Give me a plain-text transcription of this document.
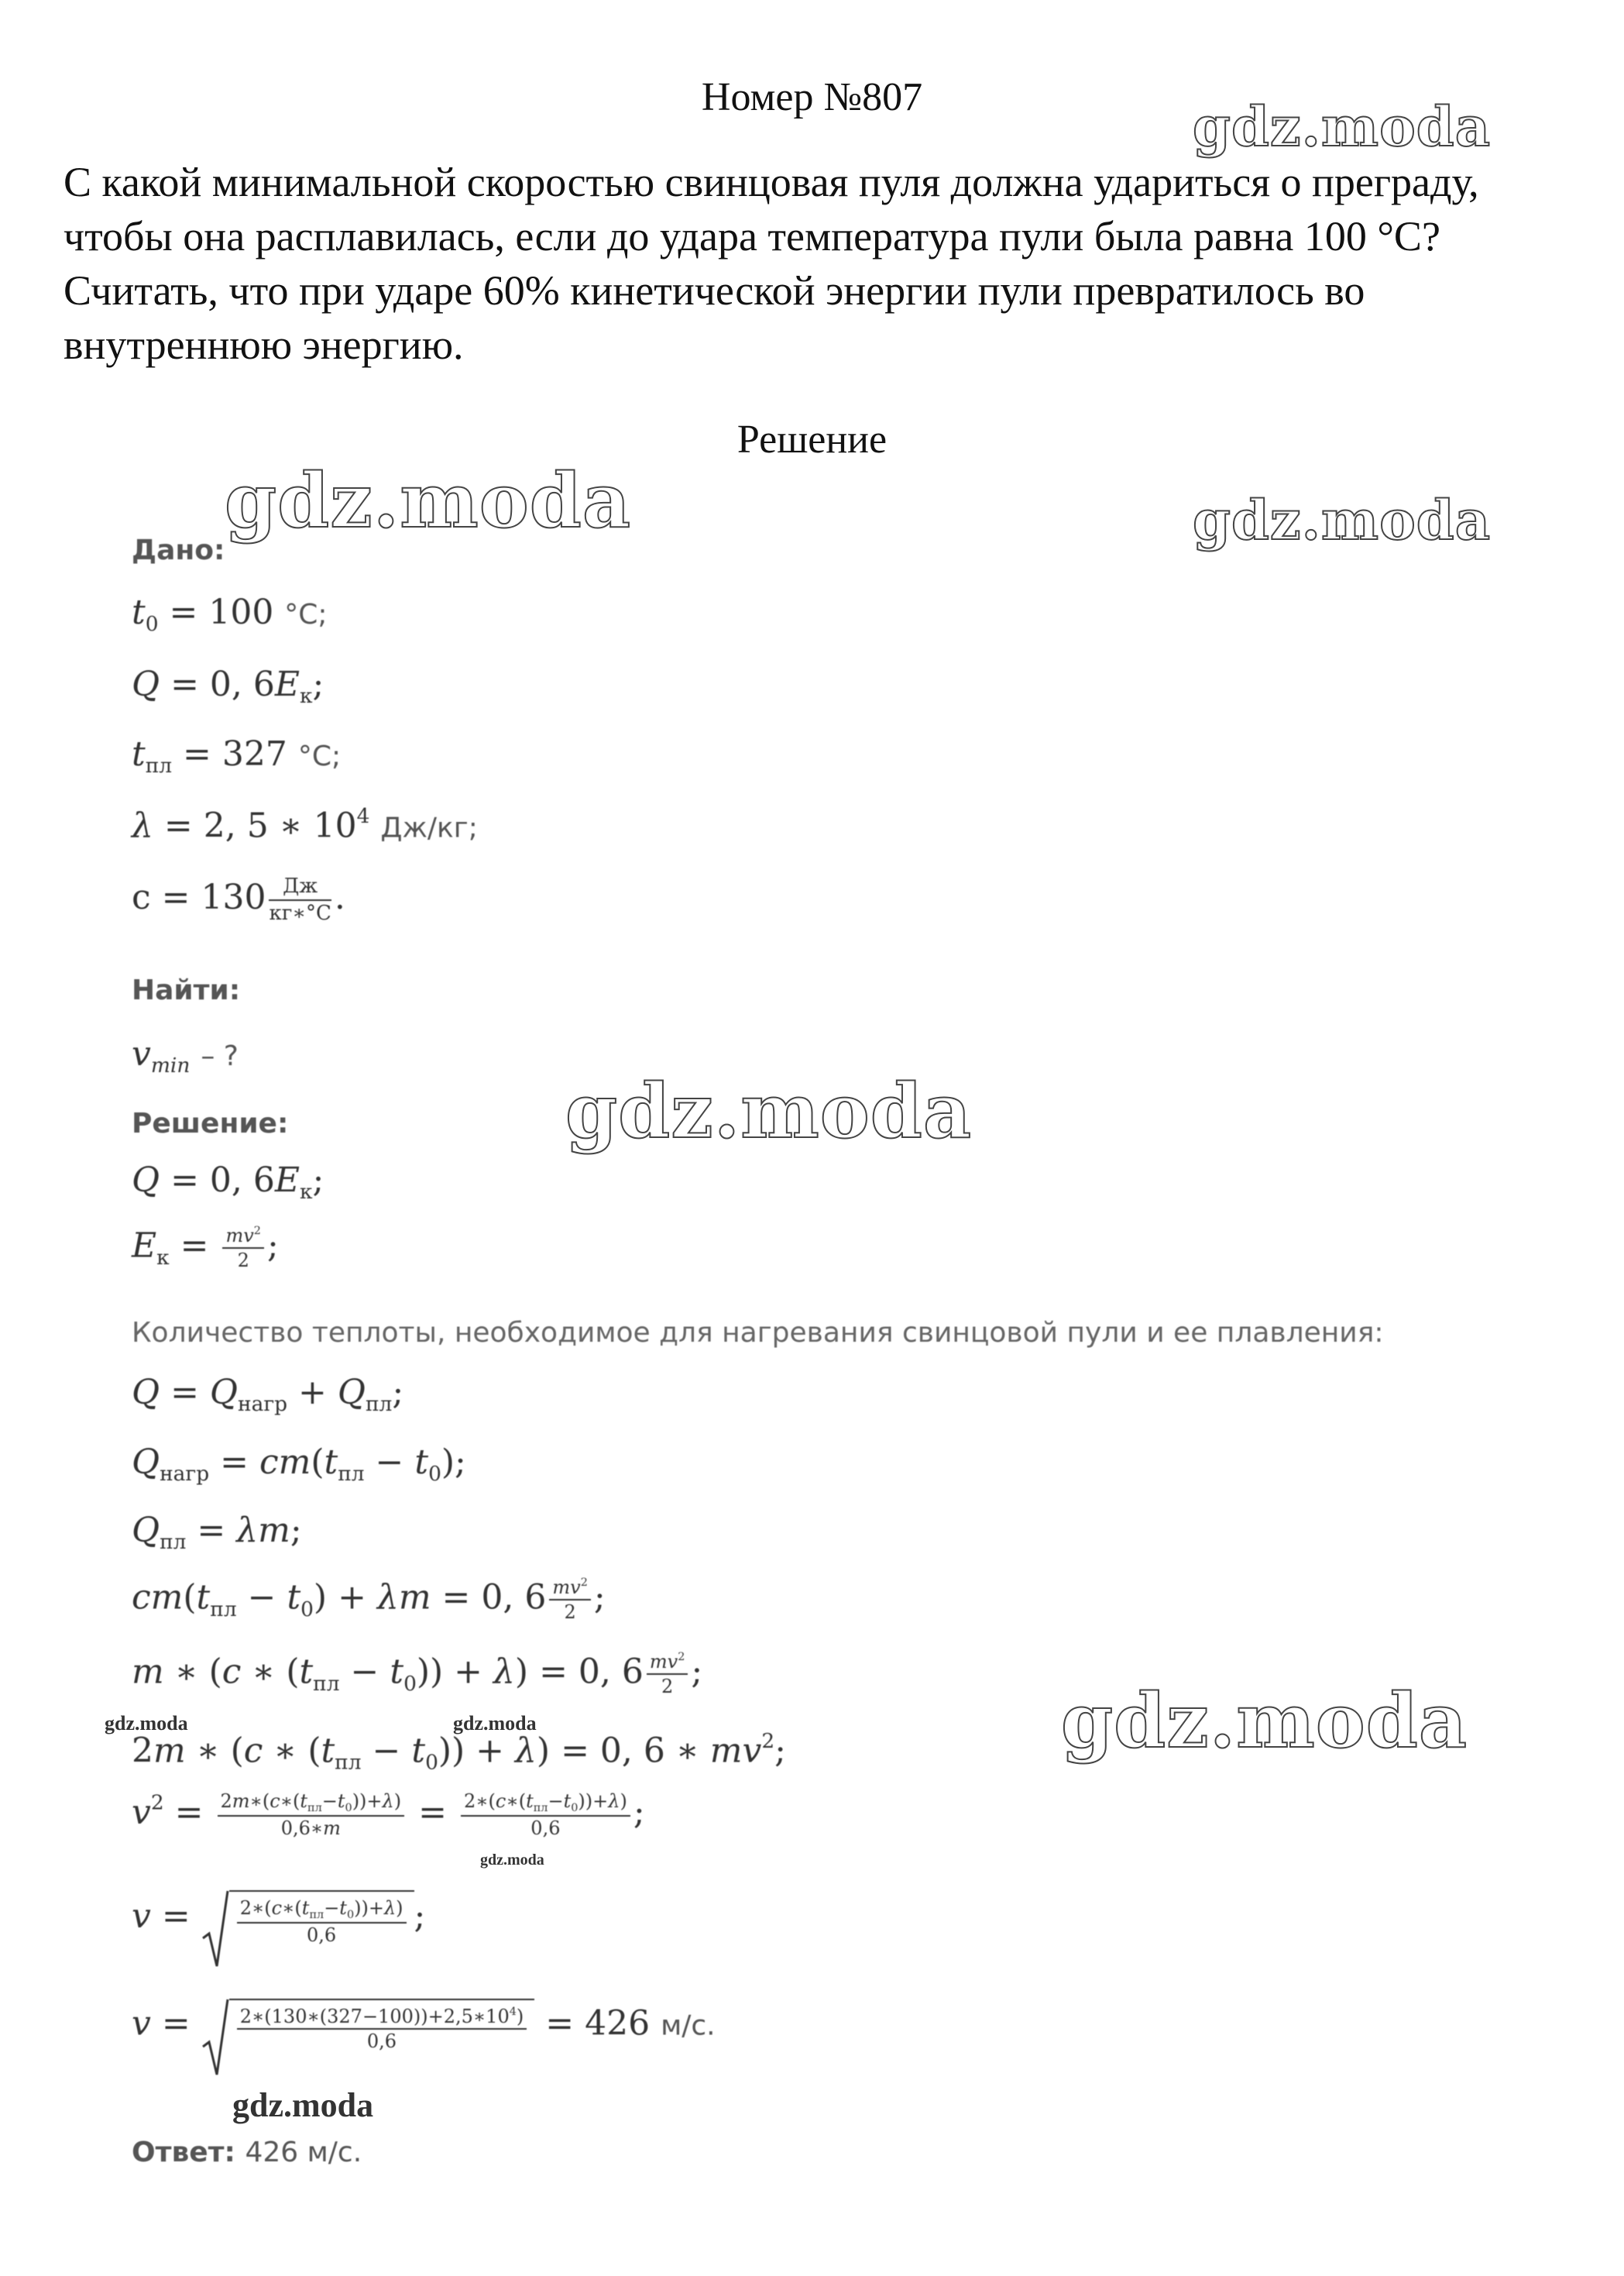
Номер №807

С какой минимальной скоростью свинцовая пуля должна удариться о преграду, чтобы она расплавилась, если до удара температура пули была равна 100 °С? Считать, что при ударе 60% кинетической энергии пули превратилось во внутреннюю энергию.

Решение
Дано:
$t_0 = 100$ °C;
Q = 0, $6E_к$;
$t_{пл} = 327$ °C;
λ = 2, 5 ∗ $10^4$ Дж/кг;
$c = 130 \frac{Дж}{кг∗^\circ C}$ .
Найти:
$v_{min}$ – ?
Решение:
Q = 0, $6E_к$;
$E_к = \frac{mv^2}{2}$ ;
Количество теплоты, необходимое для нагревания свинцовой пули и ее плавления:
$Q = Q_{нагр} + Q_{пл}$;
$Q_{нагр} = cm(t_{пл} - t_0)$;
$Q_{пл} = \lambda m$;
$cm(t_{пл} - t_0) + \lambda m = 0$, $6 \frac{mv^2}{2}$ ;
m ∗ (c ∗ $(t_{пл} - t_0)) + \lambda) = 0$, $6 \frac{mv^2}{2}$ ;
2m ∗ (c ∗ $(t_{пл} - t_0)) + \lambda) = 0$, 6 ∗ $mv^2$;
$v^2 = \frac{2m∗(c∗(t_{пл}-t_0))+\lambda)}{0,6∗m} = \frac{2∗(c∗(t_{пл}-t_0))+\lambda)}{0,6}$ ;
$v = \frac{2∗(c∗(t_{пл}-t_0))+\lambda)}{0,6}$ ;
$v = \frac{2∗(130∗(327-100))+2,5∗10^4)}{0,6} = 426$ м/с.
Ответ: 426 м/с.
gdz.moda
gdz.moda	gdz.moda
gdz.moda
gdz.moda
gdz.moda	gdz.moda
gdz.moda
gdz.moda
